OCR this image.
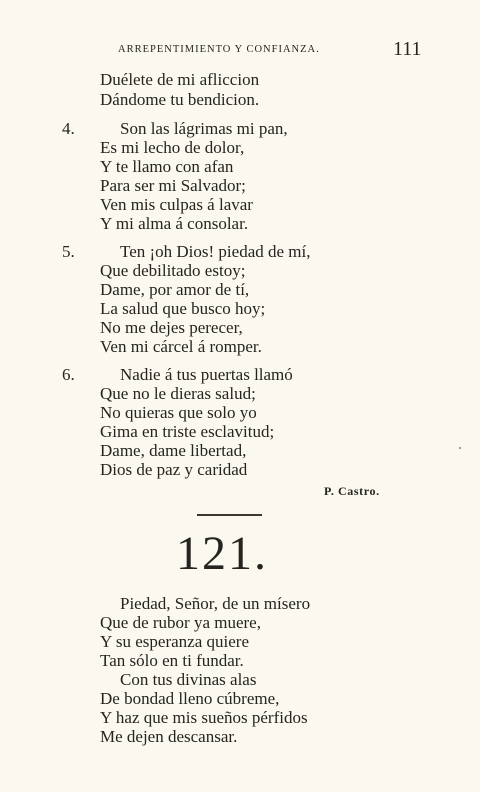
ARREPENTIMIENTO Y CONFIANZA.	111
Duélete de mi afliccion
Dándome tu bendicion.
4.	Son las lágrimas mi pan,
Es mi lecho de dolor,
Y te llamo con afan
Para ser mi Salvador;
Ven mis culpas á lavar
Y mi alma á consolar.
5.	Ten ¡oh Dios! piedad de mí,
Que debilitado estoy;
Dame, por amor de tí,
La salud que busco hoy;
No me dejes perecer,
Ven mi cárcel á romper.
6.	Nadie á tus puertas llamó
Que no le dieras salud;
No quieras que solo yo
Gima en triste esclavitud;
Dame, dame libertad,
Dios de paz y caridad
P. Castro.
121.
Piedad, Señor, de un mísero
Que de rubor ya muere,
Y su esperanza quiere
Tan sólo en ti fundar.
Con tus divinas alas
De bondad lleno cúbreme,
Y haz que mis sueños pérfidos
Me dejen descansar.
